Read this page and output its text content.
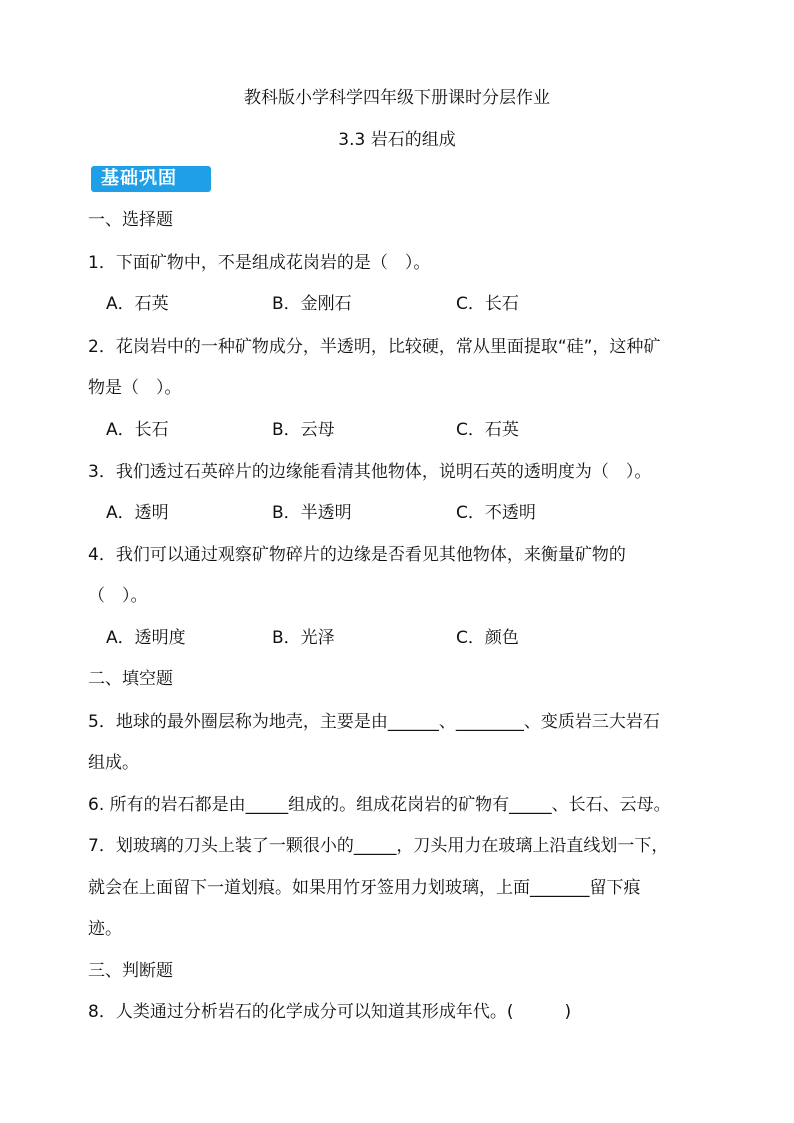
教科版小学科学四年级下册课时分层作业
3.3 岩石的组成
基础巩固
一、选择题
1．下面矿物中，不是组成花岗岩的是（　）。
A．石英	B．金刚石	C．长石
2．花岗岩中的一种矿物成分，半透明，比较硬，常从里面提取“硅”，这种矿
物是（　）。
A．长石	B．云母	C．石英
3．我们透过石英碎片的边缘能看清其他物体，说明石英的透明度为（　）。
A．透明	B．半透明	C．不透明
4．我们可以通过观察矿物碎片的边缘是否看见其他物体，来衡量矿物的
（　）。
A．透明度	B．光泽	C．颜色
二、填空题
5．地球的最外圈层称为地壳，主要是由______、________、变质岩三大岩石
组成。
6. 所有的岩石都是由_____组成的。组成花岗岩的矿物有_____、长石、云母。
7．划玻璃的刀头上装了一颗很小的_____，刀头用力在玻璃上沿直线划一下，
就会在上面留下一道划痕。如果用竹牙签用力划玻璃，上面_______留下痕
迹。
三、判断题
8．人类通过分析岩石的化学成分可以知道其形成年代。(　　　)
